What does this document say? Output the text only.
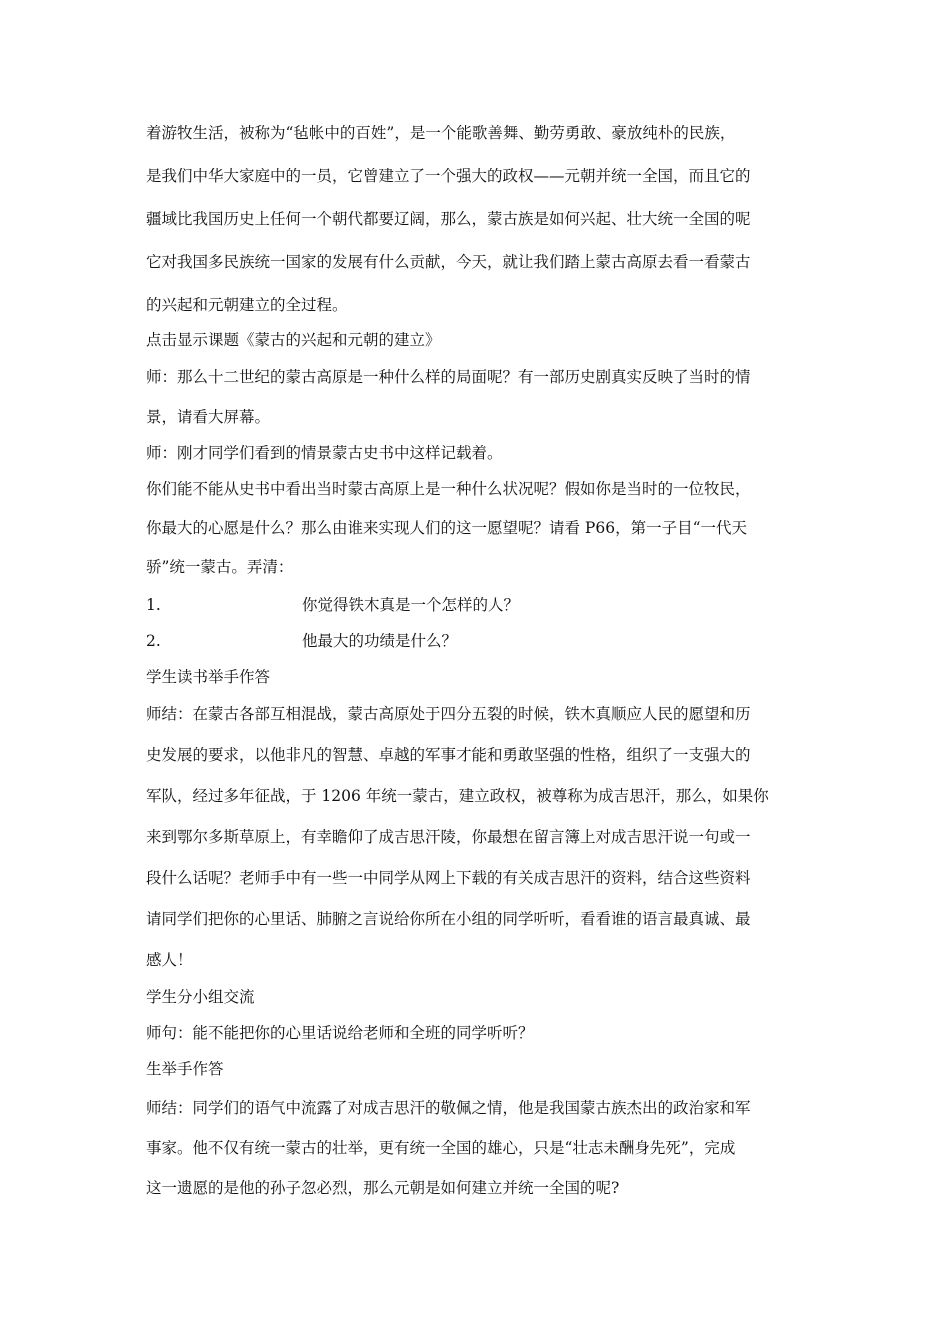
着游牧生活，被称为“毡帐中的百姓”，是一个能歌善舞、勤劳勇敢、豪放纯朴的民族，
是我们中华大家庭中的一员，它曾建立了一个强大的政权——元朝并统一全国，而且它的
疆域比我国历史上任何一个朝代都要辽阔，那么，蒙古族是如何兴起、壮大统一全国的呢
它对我国多民族统一国家的发展有什么贡献，今天，就让我们踏上蒙古高原去看一看蒙古
的兴起和元朝建立的全过程。
点击显示课题《蒙古的兴起和元朝的建立》
师：那么十二世纪的蒙古高原是一种什么样的局面呢？有一部历史剧真实反映了当时的情
景，请看大屏幕。
师：刚才同学们看到的情景蒙古史书中这样记载着。
你们能不能从史书中看出当时蒙古高原上是一种什么状况呢？假如你是当时的一位牧民，
你最大的心愿是什么？那么由谁来实现人们的这一愿望呢？请看 P66，第一子目“一代天
骄”统一蒙古。弄清：
1.	你觉得铁木真是一个怎样的人？
2.	他最大的功绩是什么？
学生读书举手作答
师结：在蒙古各部互相混战，蒙古高原处于四分五裂的时候，铁木真顺应人民的愿望和历
史发展的要求，以他非凡的智慧、卓越的军事才能和勇敢坚强的性格，组织了一支强大的
军队，经过多年征战，于 1206 年统一蒙古，建立政权，被尊称为成吉思汗，那么，如果你
来到鄂尔多斯草原上，有幸瞻仰了成吉思汗陵，你最想在留言簿上对成吉思汗说一句或一
段什么话呢？老师手中有一些一中同学从网上下载的有关成吉思汗的资料，结合这些资料
请同学们把你的心里话、肺腑之言说给你所在小组的同学听听，看看谁的语言最真诚、最
感人！
学生分小组交流
师句：能不能把你的心里话说给老师和全班的同学听听？
生举手作答
师结：同学们的语气中流露了对成吉思汗的敬佩之情，他是我国蒙古族杰出的政治家和军
事家。他不仅有统一蒙古的壮举，更有统一全国的雄心，只是“壮志未酬身先死”，完成
这一遗愿的是他的孙子忽必烈，那么元朝是如何建立并统一全国的呢?
